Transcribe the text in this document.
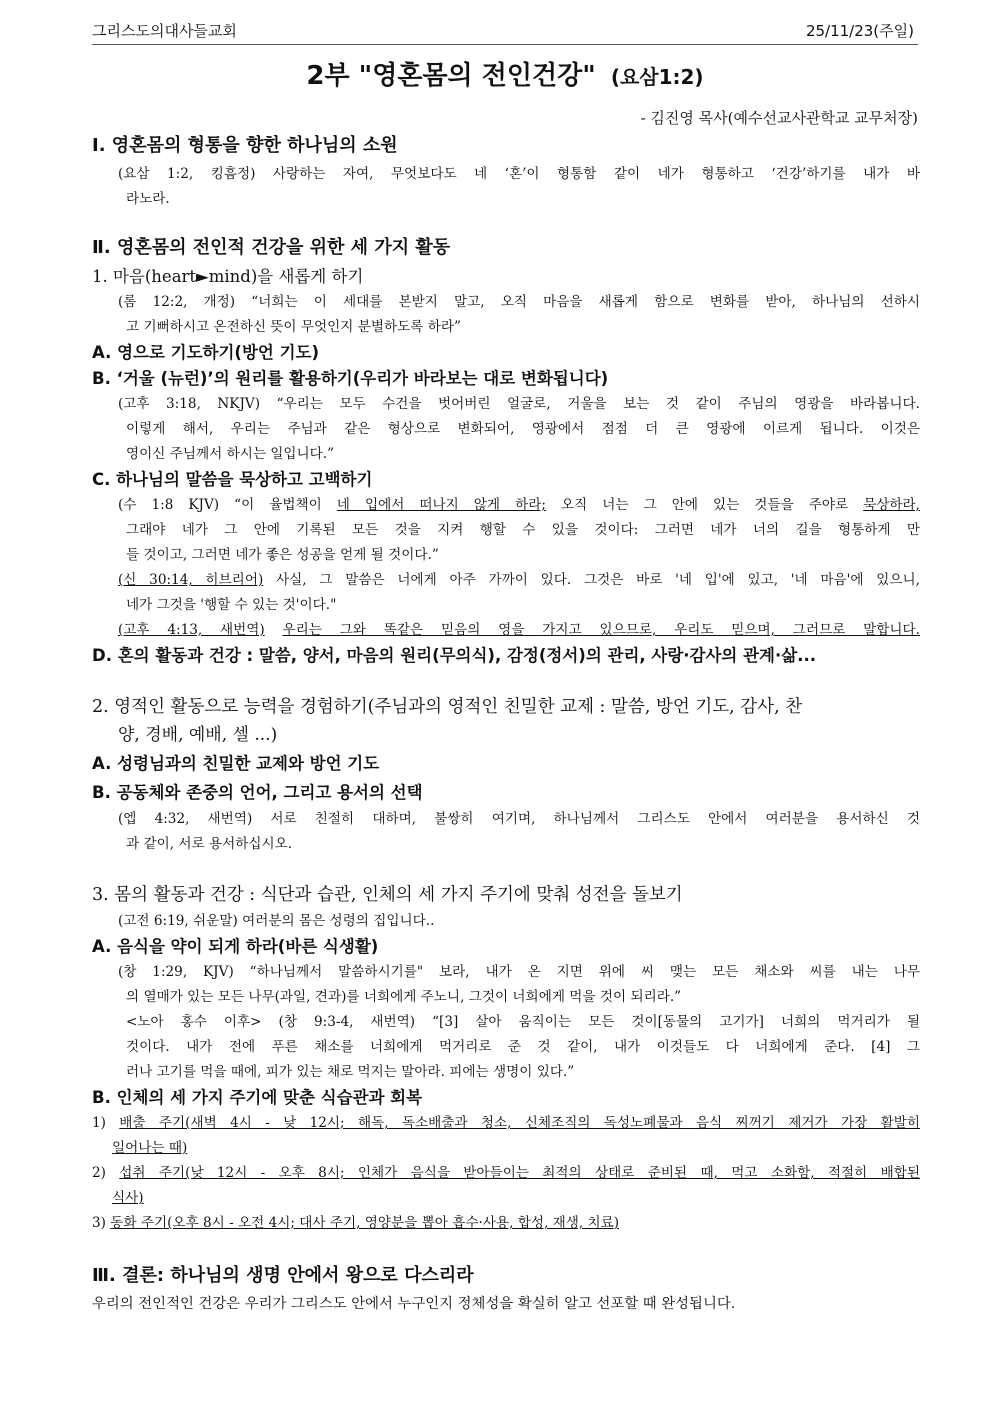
그리스도의대사들교회	25/11/23(주일)
2부 "영혼몸의 전인건강" (요삼1:2)
- 김진영 목사(예수선교사관학교 교무처장)
Ⅰ. 영혼몸의 형통을 향한 하나님의 소원
(요삼 1:2, 킹흠정) 사랑하는 자여, 무엇보다도 네 ‘혼’이 형통함 같이 네가 형통하고 ‘건강’하기를 내가 바
라노라.
Ⅱ. 영혼몸의 전인적 건강을 위한 세 가지 활동
1. 마음(heart►mind)을 새롭게 하기
(롬 12:2, 개정) “너희는 이 세대를 본받지 말고, 오직 마음을 새롭게 함으로 변화를 받아, 하나님의 선하시
고 기뻐하시고 온전하신 뜻이 무엇인지 분별하도록 하라”
A. 영으로 기도하기(방언 기도)
B. ‘거울 (뉴런)’의 원리를 활용하기(우리가 바라보는 대로 변화됩니다)
(고후 3:18, NKJV) “우리는 모두 수건을 벗어버린 얼굴로, 거울을 보는 것 같이 주님의 영광을 바라봅니다.
이렇게 해서, 우리는 주님과 같은 형상으로 변화되어, 영광에서 점점 더 큰 영광에 이르게 됩니다. 이것은
영이신 주님께서 하시는 일입니다.”
C. 하나님의 말씀을 묵상하고 고백하기
(수 1:8 KJV) “이 율법책이 네 입에서 떠나지 않게 하라; 오직 너는 그 안에 있는 것들을 주야로 묵상하라,
그래야 네가 그 안에 기록된 모든 것을 지켜 행할 수 있을 것이다: 그러면 네가 너의 길을 형통하게 만
들 것이고, 그러면 네가 좋은 성공을 얻게 될 것이다.”
(신 30:14, 히브리어) 사실, 그 말씀은 너에게 아주 가까이 있다. 그것은 바로 '네 입'에 있고, '네 마음'에 있으니,
네가 그것을 '행할 수 있는 것'이다."
(고후 4:13, 새번역) 우리는 그와 똑같은 믿음의 영을 가지고 있으므로, 우리도 믿으며, 그러므로 말합니다.
D. 혼의 활동과 건강 : 말씀, 양서, 마음의 원리(무의식), 감정(정서)의 관리, 사랑·감사의 관계·삶...
2. 영적인 활동으로 능력을 경험하기(주님과의 영적인 친밀한 교제 : 말씀, 방언 기도, 감사, 찬
양, 경배, 예배, 셀 ...)
A. 성령님과의 친밀한 교제와 방언 기도
B. 공동체와 존중의 언어, 그리고 용서의 선택
(엡 4:32, 새번역) 서로 친절히 대하며, 불쌍히 여기며, 하나님께서 그리스도 안에서 여러분을 용서하신 것
과 같이, 서로 용서하십시오.
3. 몸의 활동과 건강 : 식단과 습관, 인체의 세 가지 주기에 맞춰 성전을 돌보기
(고전 6:19, 쉬운말) 여러분의 몸은 성령의 집입니다..
A. 음식을 약이 되게 하라(바른 식생활)
(창 1:29, KJV) “하나님께서 말씀하시기를" 보라, 내가 온 지면 위에 씨 맺는 모든 채소와 씨를 내는 나무
의 열매가 있는 모든 나무(과일, 견과)를 너희에게 주노니, 그것이 너희에게 먹을 것이 되리라.”
<노아 홍수 이후> (창 9:3-4, 새번역) “[3] 살아 움직이는 모든 것이[동물의 고기가] 너희의 먹거리가 될
것이다. 내가 전에 푸른 채소를 너희에게 먹거리로 준 것 같이, 내가 이것들도 다 너희에게 준다. [4] 그
러나 고기를 먹을 때에, 피가 있는 채로 먹지는 말아라. 피에는 생명이 있다.”
B. 인체의 세 가지 주기에 맞춘 식습관과 회복
1) 배출 주기(새벽 4시 - 낮 12시; 해독, 독소배출과 청소, 신체조직의 독성노폐물과 음식 찌꺼기 제거가 가장 활발히
일어나는 때)
2) 섭취 주기(낮 12시 - 오후 8시; 인체가 음식을 받아들이는 최적의 상태로 준비된 때, 먹고 소화함, 적절히 배합된
식사)
3) 동화 주기(오후 8시 - 오전 4시; 대사 주기, 영양분을 뽑아 흡수·사용, 합성, 재생, 치료)
Ⅲ. 결론: 하나님의 생명 안에서 왕으로 다스리라
우리의 전인적인 건강은 우리가 그리스도 안에서 누구인지 정체성을 확실히 알고 선포할 때 완성됩니다.
